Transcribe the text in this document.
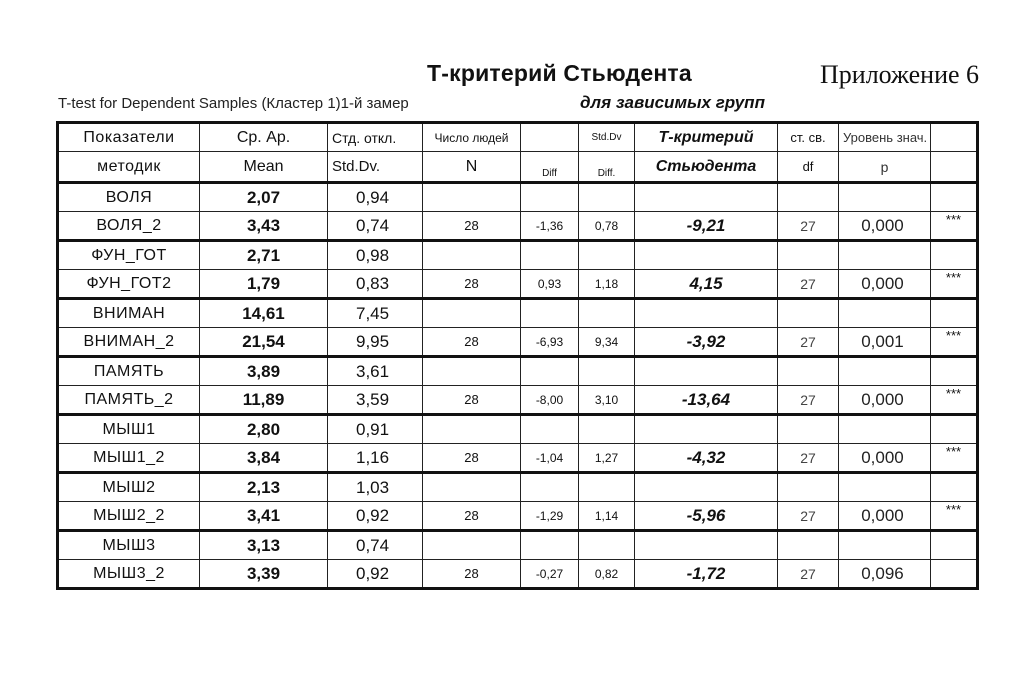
Т-критерий Стьюдента	Приложение 6
T-test for Dependent Samples (Кластер 1)1-й замер	для зависимых групп
Показатели	Ср. Ар.	Стд. откл.	Число людей		Std.Dv	Т-критерий	ст. св.	Уровень знач.	
методик	Mean	Std.Dv.	N	Diff	Diff.	Стьюдента	df	p	
ВОЛЯ	2,07	0,94							
ВОЛЯ_2	3,43	0,74	28	-1,36	0,78	-9,21	27	0,000	***
ФУН_ГОТ	2,71	0,98							
ФУН_ГОТ2	1,79	0,83	28	0,93	1,18	4,15	27	0,000	***
ВНИМАН	14,61	7,45							
ВНИМАН_2	21,54	9,95	28	-6,93	9,34	-3,92	27	0,001	***
ПАМЯТЬ	3,89	3,61							
ПАМЯТЬ_2	11,89	3,59	28	-8,00	3,10	-13,64	27	0,000	***
МЫШ1	2,80	0,91							
МЫШ1_2	3,84	1,16	28	-1,04	1,27	-4,32	27	0,000	***
МЫШ2	2,13	1,03							
МЫШ2_2	3,41	0,92	28	-1,29	1,14	-5,96	27	0,000	***
МЫШ3	3,13	0,74							
МЫШ3_2	3,39	0,92	28	-0,27	0,82	-1,72	27	0,096	
